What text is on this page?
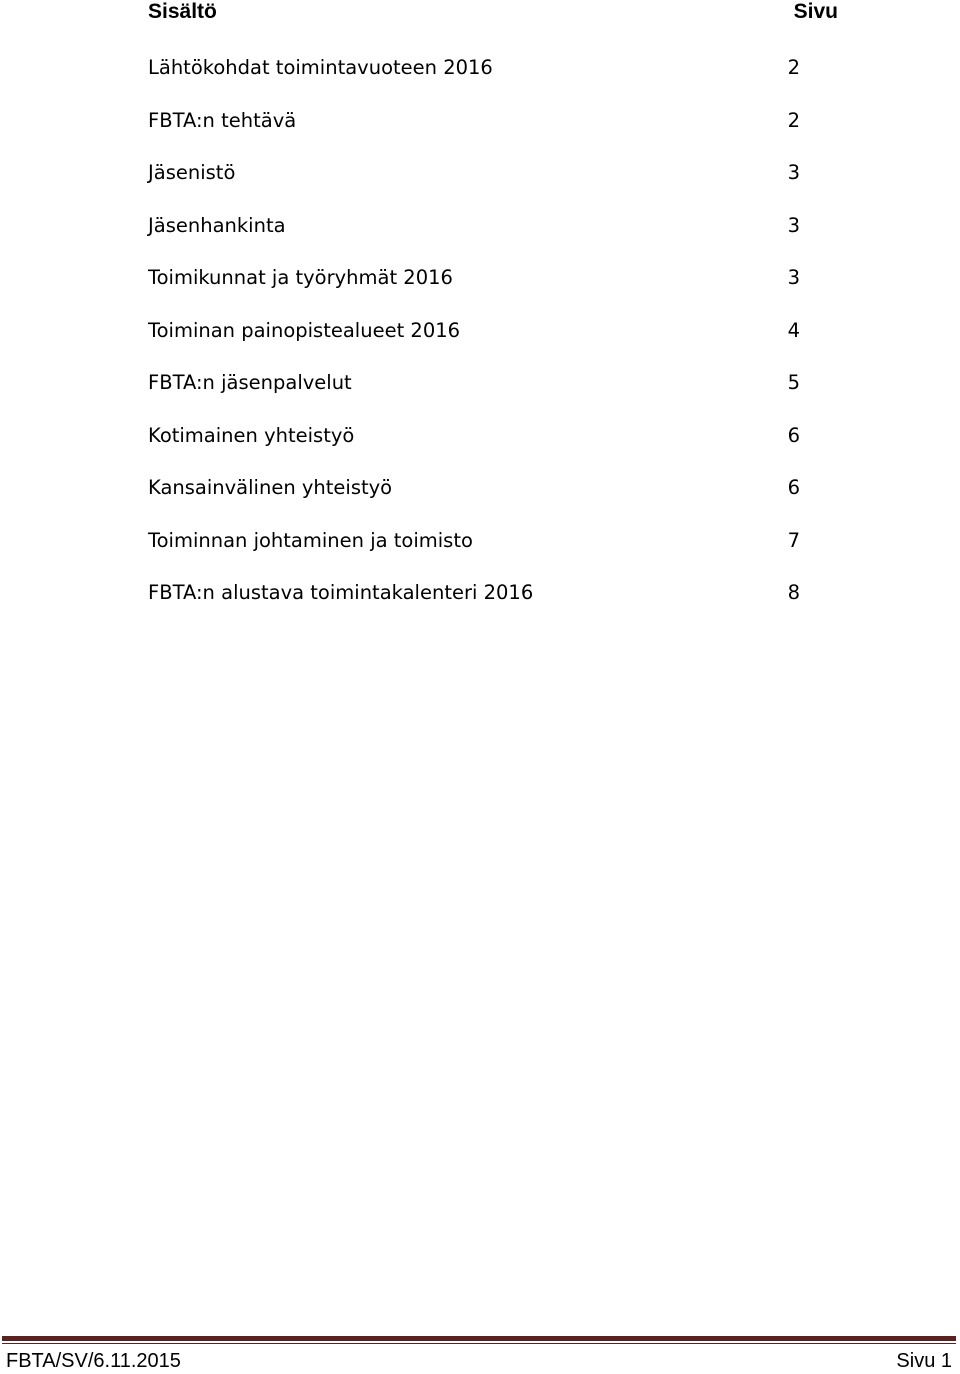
Sisältö	Sivu
Lähtökohdat toimintavuoteen 2016	2
FBTA:n tehtävä	2
Jäsenistö	3
Jäsenhankinta	3
Toimikunnat ja työryhmät 2016	3
Toiminan painopistealueet 2016	4
FBTA:n jäsenpalvelut	5
Kotimainen yhteistyö	6
Kansainvälinen yhteistyö	6
Toiminnan johtaminen ja toimisto	7
FBTA:n alustava toimintakalenteri 2016	8
FBTA/SV/6.11.2015	Sivu 1
